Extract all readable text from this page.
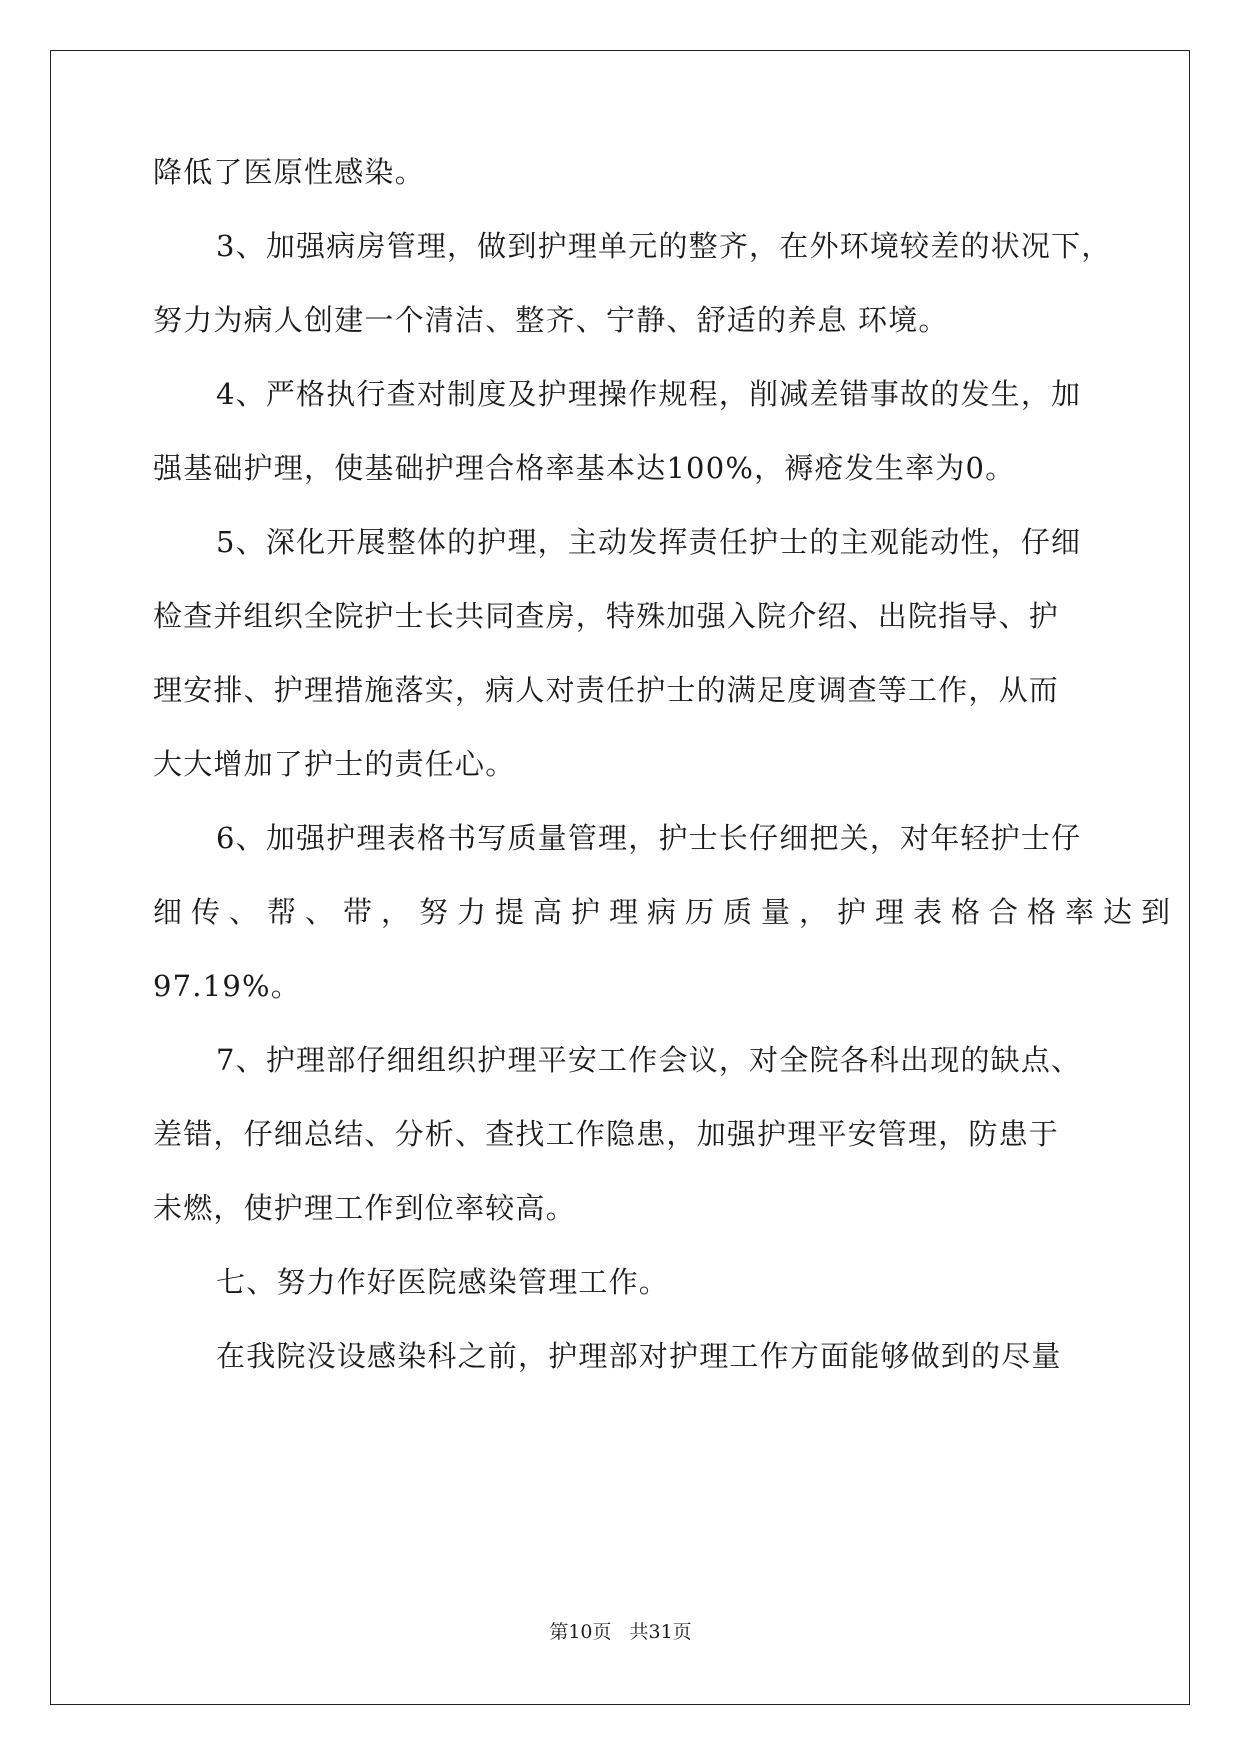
降低了医原性感染。
3、加强病房管理，做到护理单元的整齐，在外环境较差的状况下，
努力为病人创建一个清洁、整齐、宁静、舒适的养息 环境。
4、严格执行查对制度及护理操作规程，削减差错事故的发生，加
强基础护理，使基础护理合格率基本达100%，褥疮发生率为0。
5、深化开展整体的护理，主动发挥责任护士的主观能动性，仔细
检查并组织全院护士长共同查房，特殊加强入院介绍、出院指导、护
理安排、护理措施落实，病人对责任护士的满足度调查等工作，从而
大大增加了护士的责任心。
6、加强护理表格书写质量管理，护士长仔细把关，对年轻护士仔
细传、帮、带，努力提高护理病历质量，护理表格合格率达到
97.19%。
7、护理部仔细组织护理平安工作会议，对全院各科出现的缺点、
差错，仔细总结、分析、查找工作隐患，加强护理平安管理，防患于
未燃，使护理工作到位率较高。
七、努力作好医院感染管理工作。
在我院没设感染科之前，护理部对护理工作方面能够做到的尽量
第10页 共31页
